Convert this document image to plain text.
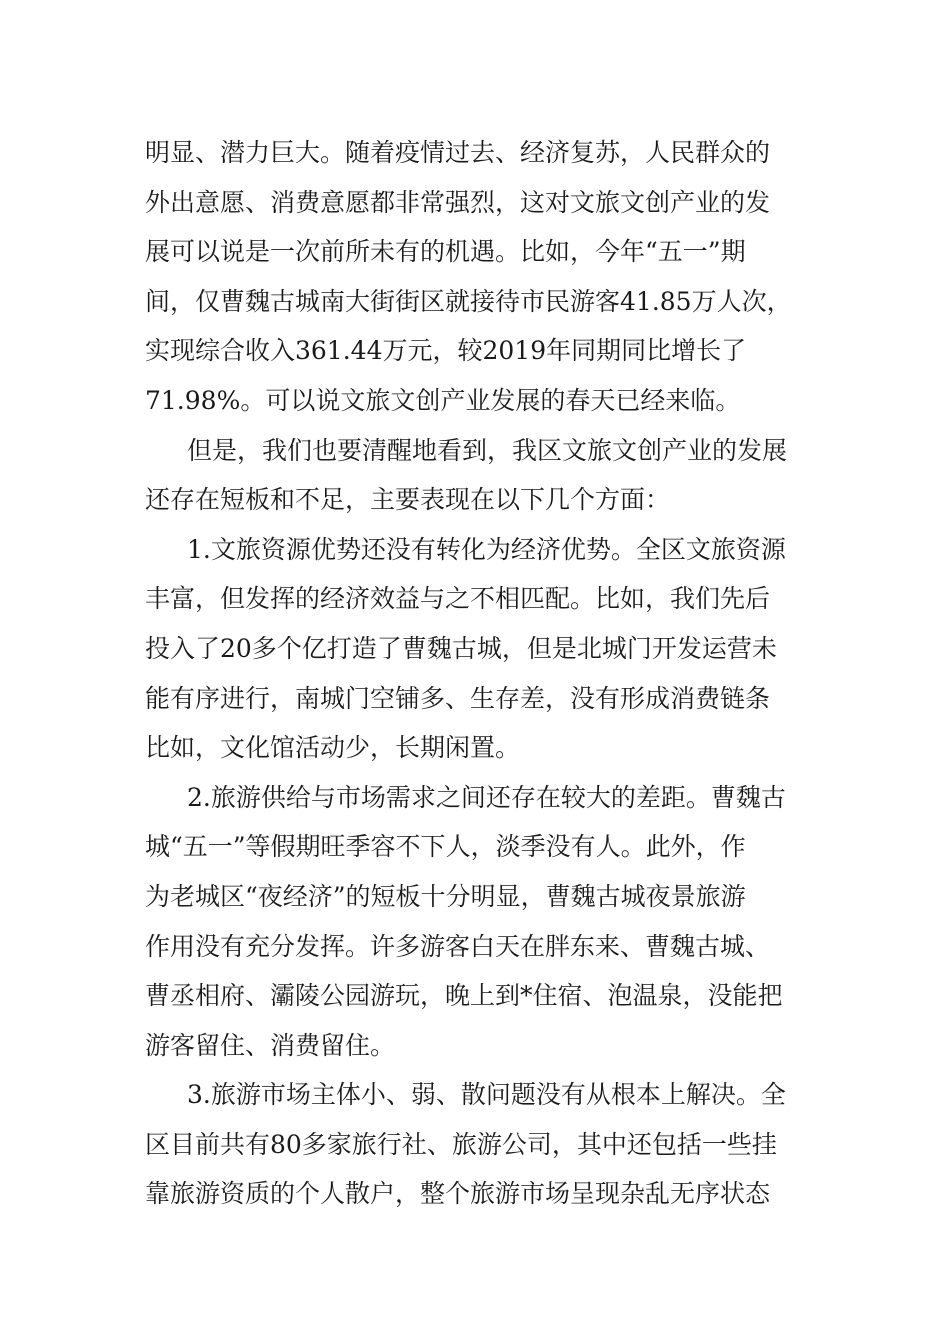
明显、潜力巨大。随着疫情过去、经济复苏，人民群众的
外出意愿、消费意愿都非常强烈，这对文旅文创产业的发
展可以说是一次前所未有的机遇。比如，今年“五一”期
间，仅曹魏古城南大街街区就接待市民游客41.85万人次，
实现综合收入361.44万元，较2019年同期同比增长了
71.98%。可以说文旅文创产业发展的春天已经来临。
但是，我们也要清醒地看到，我区文旅文创产业的发展
还存在短板和不足，主要表现在以下几个方面：
1.文旅资源优势还没有转化为经济优势。全区文旅资源
丰富，但发挥的经济效益与之不相匹配。比如，我们先后
投入了20多个亿打造了曹魏古城，但是北城门开发运营未
能有序进行，南城门空铺多、生存差，没有形成消费链条
比如，文化馆活动少，长期闲置。
2.旅游供给与市场需求之间还存在较大的差距。曹魏古
城“五一”等假期旺季容不下人，淡季没有人。此外，作
为老城区“夜经济”的短板十分明显，曹魏古城夜景旅游
作用没有充分发挥。许多游客白天在胖东来、曹魏古城、
曹丞相府、灞陵公园游玩，晚上到*住宿、泡温泉，没能把
游客留住、消费留住。
3.旅游市场主体小、弱、散问题没有从根本上解决。全
区目前共有80多家旅行社、旅游公司，其中还包括一些挂
靠旅游资质的个人散户，整个旅游市场呈现杂乱无序状态
